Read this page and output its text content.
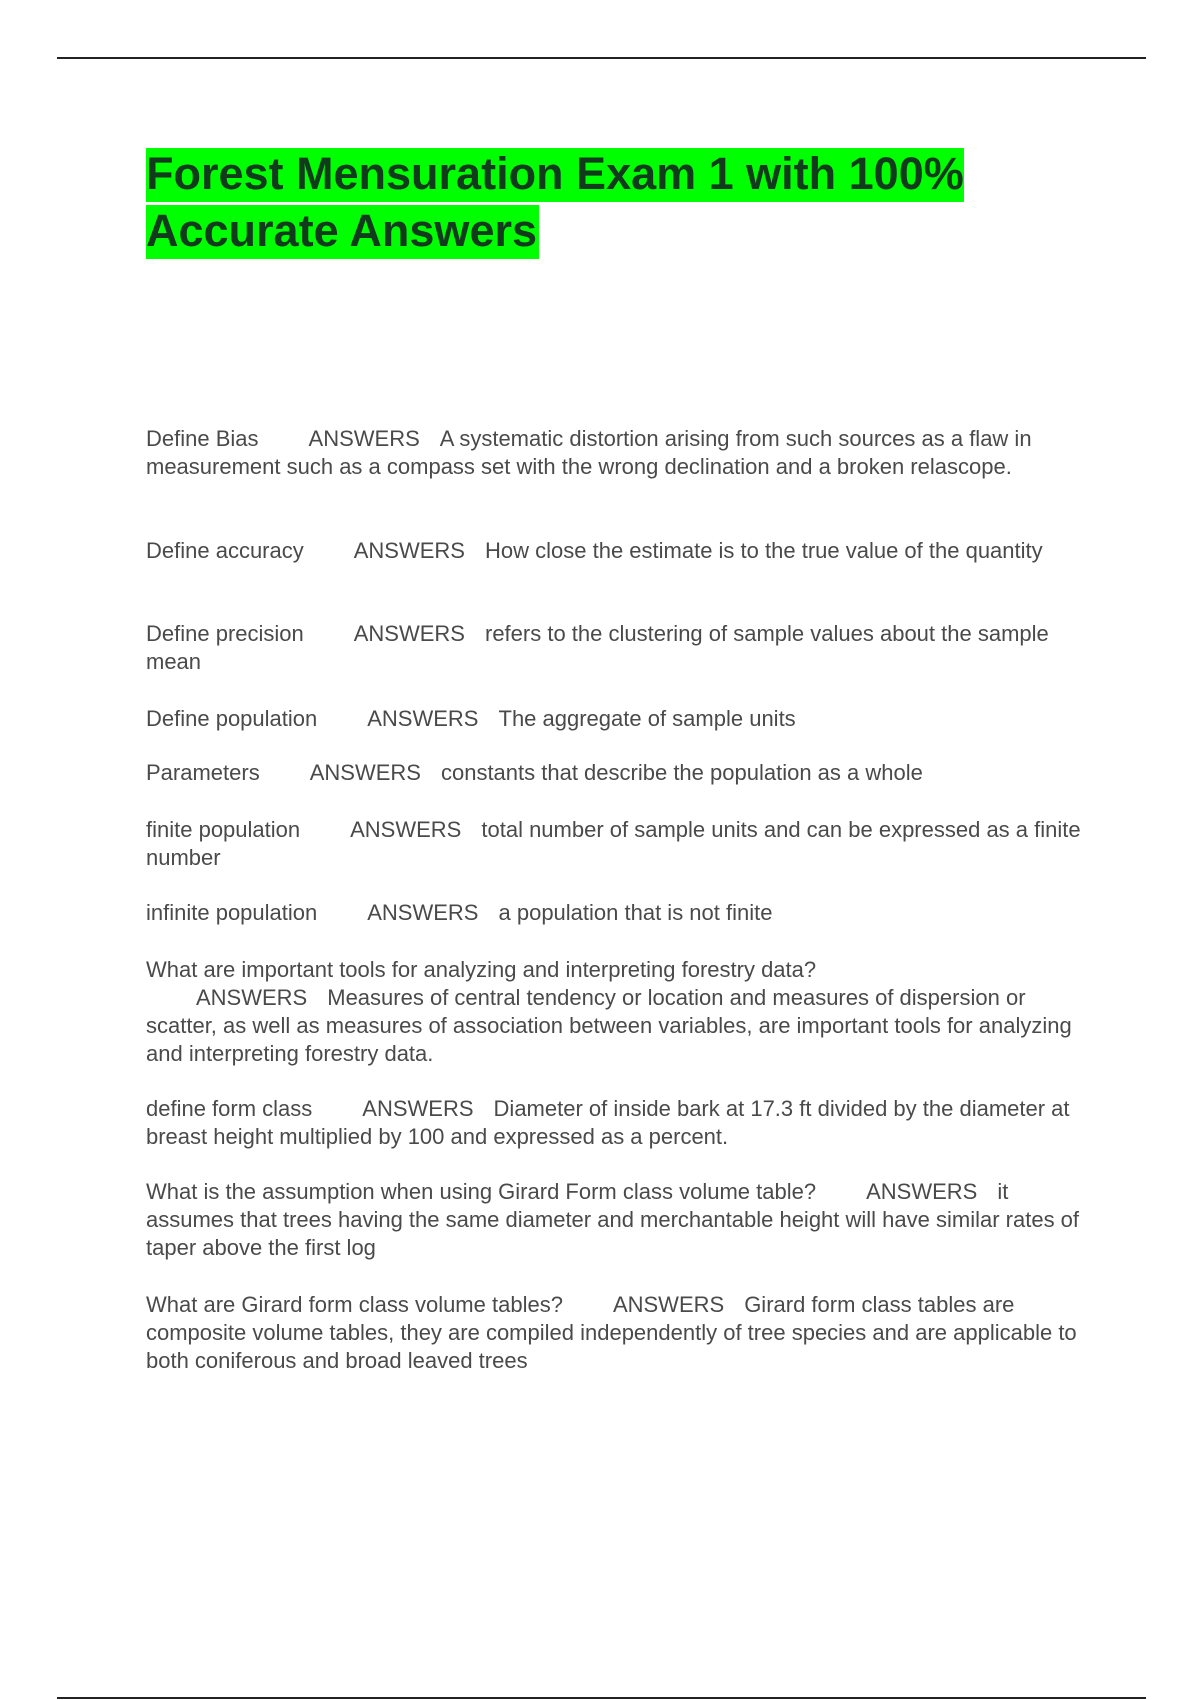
Forest Mensuration Exam 1 with 100% Accurate Answers

Define Bias ANSWERS A systematic distortion arising from such sources as a flaw in measurement such as a compass set with the wrong declination and a broken relascope.

Define accuracy ANSWERS How close the estimate is to the true value of the quantity

Define precision ANSWERS refers to the clustering of sample values about the sample mean

Define population ANSWERS The aggregate of sample units

Parameters ANSWERS constants that describe the population as a whole

finite population ANSWERS total number of sample units and can be expressed as a finite number

infinite population ANSWERS a population that is not finite

What are important tools for analyzing and interpreting forestry data?ANSWERS Measures of central tendency or location and measures of dispersion or scatter, as well as measures of association between variables, are important tools for analyzing and interpreting forestry data.

define form class ANSWERS Diameter of inside bark at 17.3 ft divided by the diameter at breast height multiplied by 100 and expressed as a percent.

What is the assumption when using Girard Form class volume table? ANSWERS it assumes that trees having the same diameter and merchantable height will have similar rates of taper above the first log

What are Girard form class volume tables? ANSWERS Girard form class tables are composite volume tables, they are compiled independently of tree species and are applicable to both coniferous and broad leaved trees
